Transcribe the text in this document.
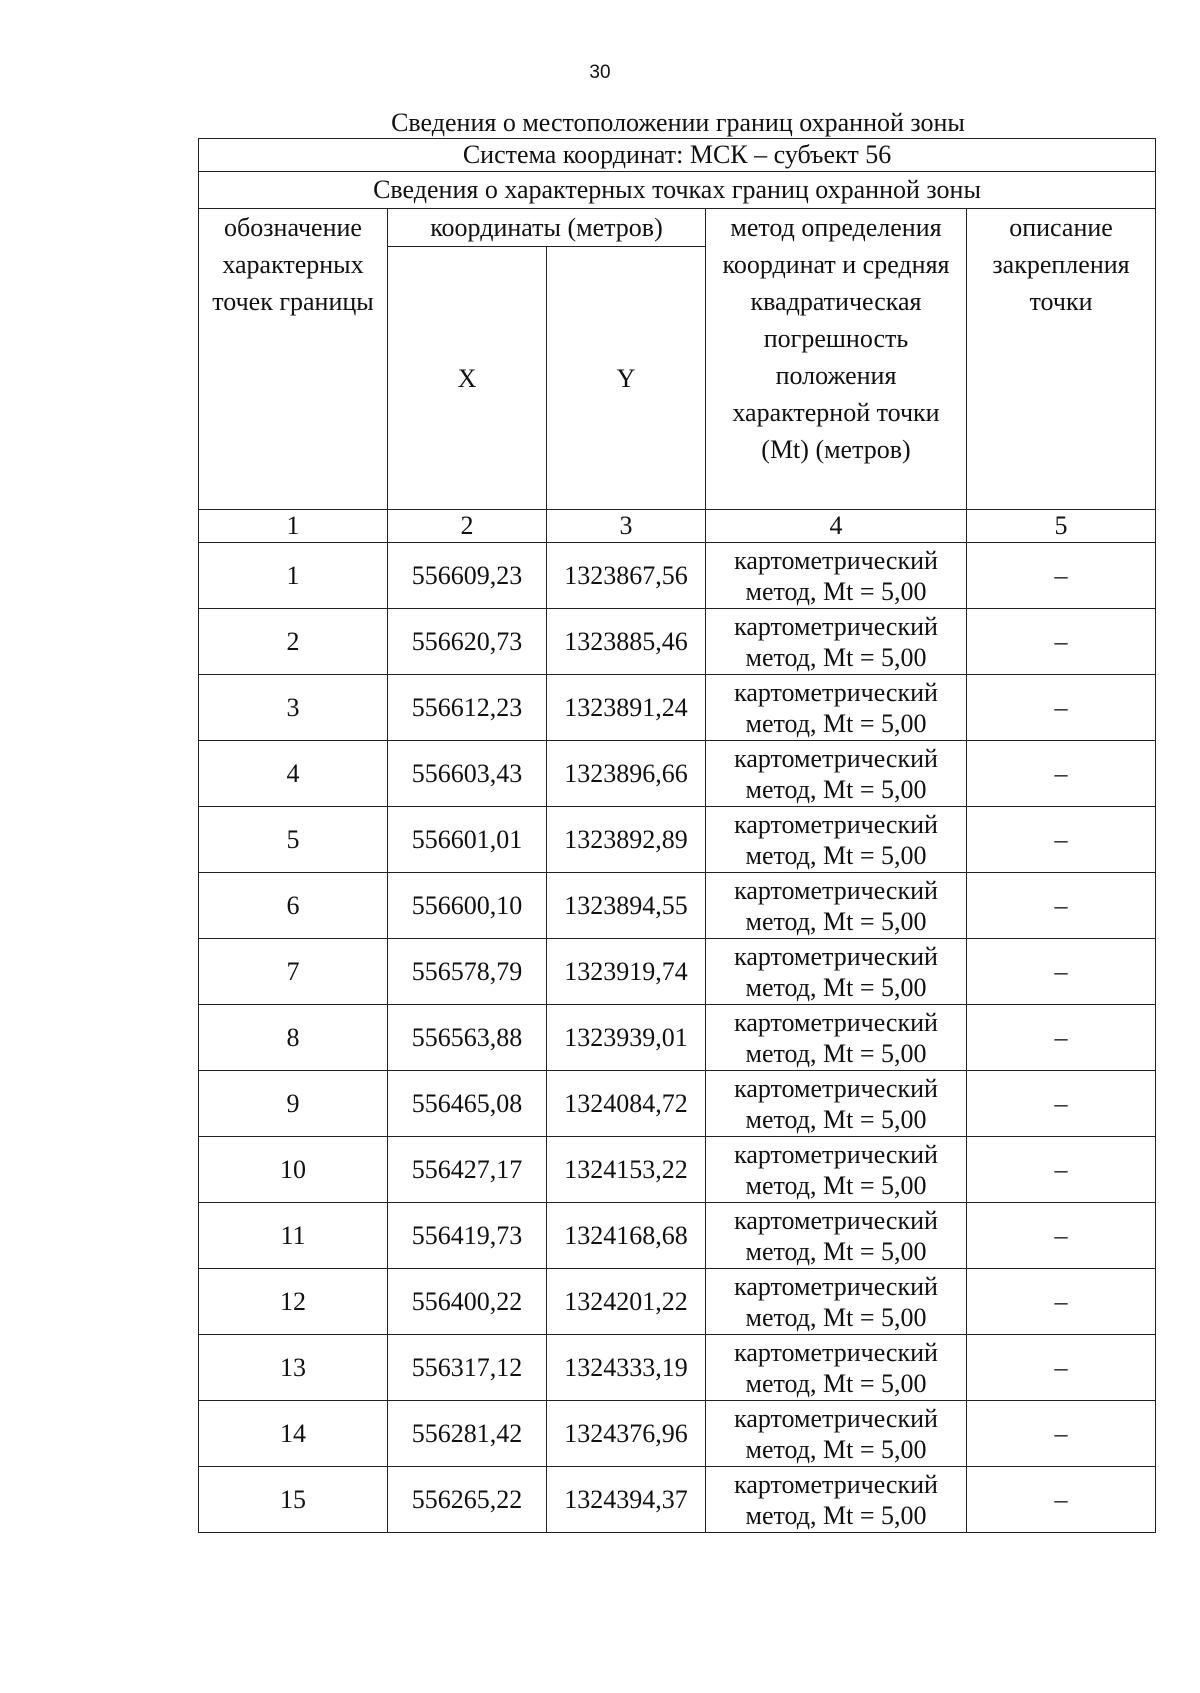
30
Сведения о местоположении границ охранной зоны
Система координат: МСК – субъект 56				
Сведения о характерных точках границ охранной зоны				
обозначение характерных точек границы	координаты (метров)		метод определения координат и средняя квадратическая погрешность положения характерной точки (Mt) (метров)	описание закрепления точки
	X	Y		
1	2	3	4	5
1	556609,23	1323867,56	картометрический метод, Mt = 5,00	–
2	556620,73	1323885,46	картометрический метод, Mt = 5,00	–
3	556612,23	1323891,24	картометрический метод, Mt = 5,00	–
4	556603,43	1323896,66	картометрический метод, Mt = 5,00	–
5	556601,01	1323892,89	картометрический метод, Mt = 5,00	–
6	556600,10	1323894,55	картометрический метод, Mt = 5,00	–
7	556578,79	1323919,74	картометрический метод, Mt = 5,00	–
8	556563,88	1323939,01	картометрический метод, Mt = 5,00	–
9	556465,08	1324084,72	картометрический метод, Mt = 5,00	–
10	556427,17	1324153,22	картометрический метод, Mt = 5,00	–
11	556419,73	1324168,68	картометрический метод, Mt = 5,00	–
12	556400,22	1324201,22	картометрический метод, Mt = 5,00	–
13	556317,12	1324333,19	картометрический метод, Mt = 5,00	–
14	556281,42	1324376,96	картометрический метод, Mt = 5,00	–
15	556265,22	1324394,37	картометрический метод, Mt = 5,00	–
